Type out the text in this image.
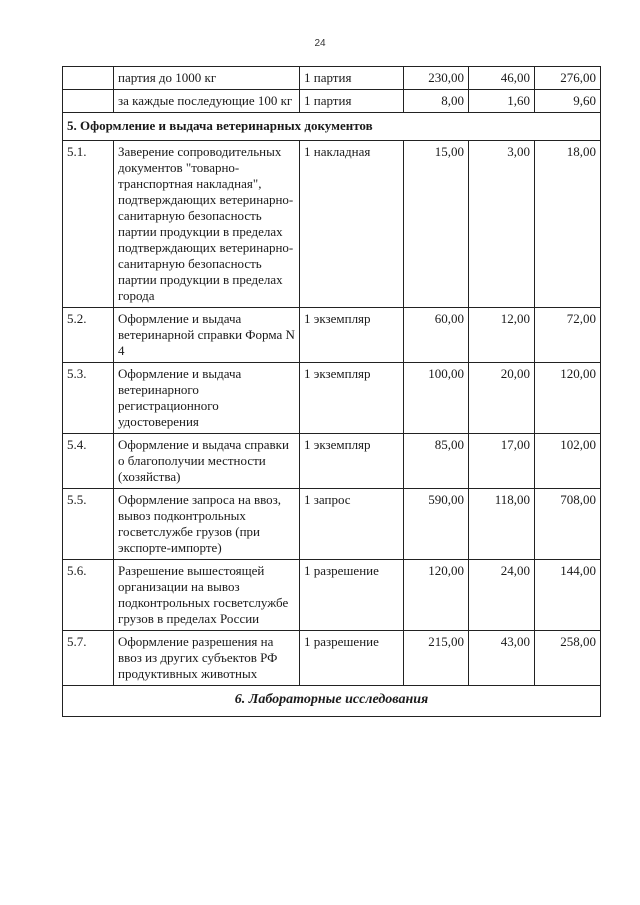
24
	партия до 1000 кг	1 партия	230,00	46,00	276,00
	за каждые последующие 100 кг	1 партия	8,00	1,60	9,60
5. Оформление и выдача ветеринарных документов					
5.1.	Заверение сопроводительных документов "товарно-транспортная накладная", подтверждающих ветеринарно-санитарную безопасность партии продукции в пределах подтверждающих ветеринарно-санитарную безопасность партии продукции в пределах города	1 накладная	15,00	3,00	18,00
5.2.	Оформление и выдача ветеринарной справки Форма N 4	1 экземпляр	60,00	12,00	72,00
5.3.	Оформление и выдача ветеринарного регистрационного удостоверения	1 экземпляр	100,00	20,00	120,00
5.4.	Оформление и выдача справки о благополучии местности (хозяйства)	1 экземпляр	85,00	17,00	102,00
5.5.	Оформление запроса на ввоз, вывоз подконтрольных госветслужбе грузов (при экспорте-импорте)	1 запрос	590,00	118,00	708,00
5.6.	Разрешение вышестоящей организации на вывоз подконтрольных госветслужбе грузов в пределах России	1 разрешение	120,00	24,00	144,00
5.7.	Оформление разрешения на ввоз из других субъектов РФ продуктивных животных	1 разрешение	215,00	43,00	258,00
6. Лабораторные исследования					
